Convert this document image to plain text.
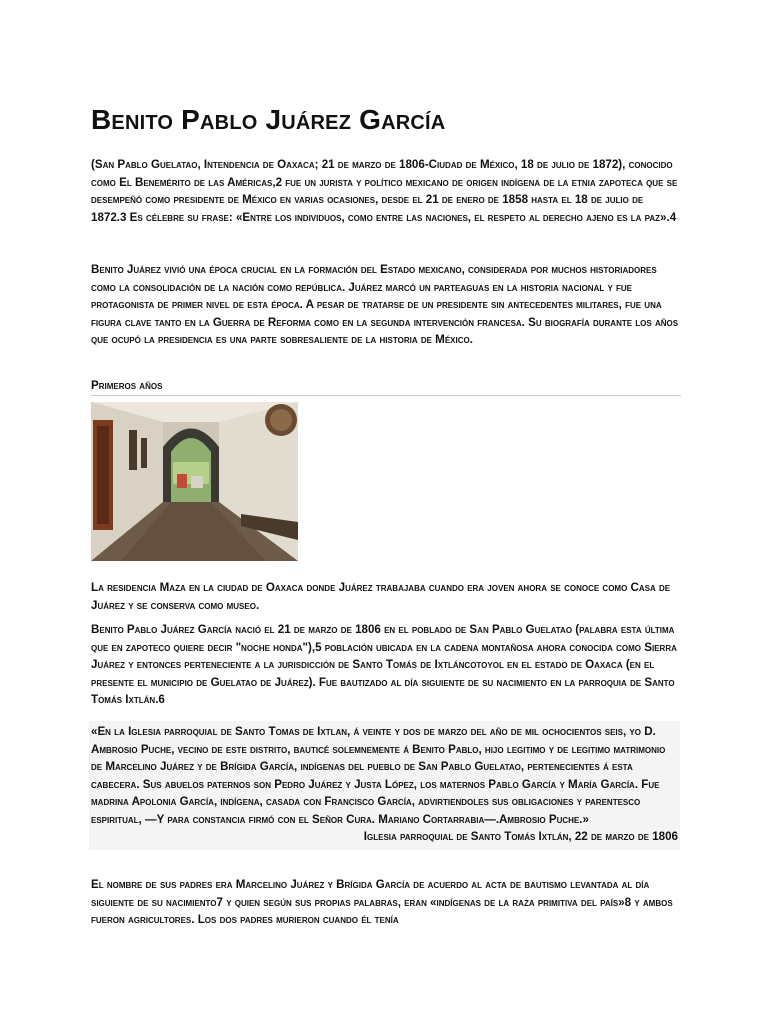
Benito Pablo Juárez García

(San Pablo Guelatao, Intendencia de Oaxaca; 21 de marzo de 1806-Ciudad de México, 18 de julio de 1872), conocido como El Benemérito de las Américas,2 fue un jurista y político mexicano de origen indígena de la etnia zapoteca que se desempeñó como presidente de México en varias ocasiones, desde el 21 de enero de 1858 hasta el 18 de julio de 1872.3 Es célebre su frase: «Entre los individuos, como entre las naciones, el respeto al derecho ajeno es la paz».4

Benito Juárez vivió una época crucial en la formación del Estado mexicano, considerada por muchos historiadores como la consolidación de la nación como república. Juárez marcó un parteaguas en la historia nacional y fue protagonista de primer nivel de esta época. A pesar de tratarse de un presidente sin antecedentes militares, fue una figura clave tanto en la Guerra de Reforma como en la segunda intervención francesa. Su biografía durante los años que ocupó la presidencia es una parte sobresaliente de la historia de México.

Primeros años

La residencia Maza en la ciudad de Oaxaca donde Juárez trabajaba cuando era joven ahora se conoce como Casa de Juárez y se conserva como museo.

Benito Pablo Juárez García nació el 21 de marzo de 1806 en el poblado de San Pablo Guelatao (palabra esta última que en zapoteco quiere decir "noche honda"),5 población ubicada en la cadena montañosa ahora conocida como Sierra Juárez y entonces perteneciente a la jurisdicción de Santo Tomás de Ixtláncotoyol en el estado de Oaxaca (en el presente el municipio de Guelatao de Juárez). Fue bautizado al día siguiente de su nacimiento en la parroquia de Santo Tomás Ixtlán.6

«En la Iglesia parroquial de Santo Tomas de Ixtlan, á veinte y dos de marzo del año de mil ochocientos seis, yo D. Ambrosio Puche, vecino de este distrito, bauticé solemnemente á Benito Pablo, hijo legitimo y de legitimo matrimonio de Marcelino Juárez y de Brígida García, indígenas del pueblo de San Pablo Guelatao, pertenecientes á esta cabecera. Sus abuelos paternos son Pedro Juárez y Justa López, los maternos Pablo García y María García. Fue madrina Apolonia García, indígena, casada con Francisco García, advirtiendoles sus obligaciones y parentesco espiritual, —Y para constancia firmó con el Señor Cura. Mariano Cortarrabia—.Ambrosio Puche.»

Iglesia parroquial de Santo Tomás Ixtlán, 22 de marzo de 1806

El nombre de sus padres era Marcelino Juárez y Brígida García de acuerdo al acta de bautismo levantada al día siguiente de su nacimiento7 y quien según sus propias palabras, eran «indígenas de la raza primitiva del país»8 y ambos fueron agricultores. Los dos padres murieron cuando él tenía
